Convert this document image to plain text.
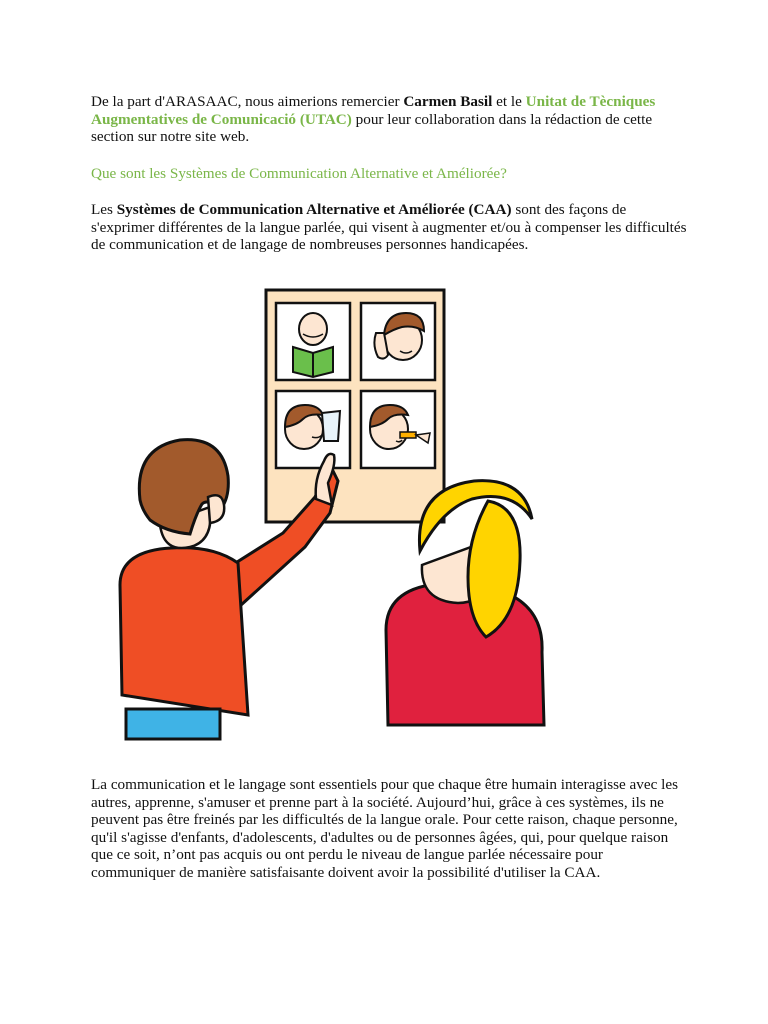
De la part d'ARASAAC, nous aimerions remercier Carmen Basil et le Unitat de Tècniques Augmentatives de Comunicació (UTAC) pour leur collaboration dans la rédaction de cette section sur notre site web.

Que sont les Systèmes de Communication Alternative et Améliorée?

Les Systèmes de Communication Alternative et Améliorée (CAA) sont des façons de s'exprimer différentes de la langue parlée, qui visent à augmenter et/ou à compenser les difficultés de communication et de langage de nombreuses personnes handicapées.

La communication et le langage sont essentiels pour que chaque être humain interagisse avec les autres, apprenne, s'amuser et prenne part à la société. Aujourd’hui, grâce à ces systèmes, ils ne peuvent pas être freinés par les difficultés de la langue orale. Pour cette raison, chaque personne, qu'il s'agisse d'enfants, d'adolescents, d'adultes ou de personnes âgées, qui, pour quelque raison que ce soit, n’ont pas acquis ou ont perdu le niveau de langue parlée nécessaire pour communiquer de manière satisfaisante doivent avoir la possibilité d'utiliser la CAA.
